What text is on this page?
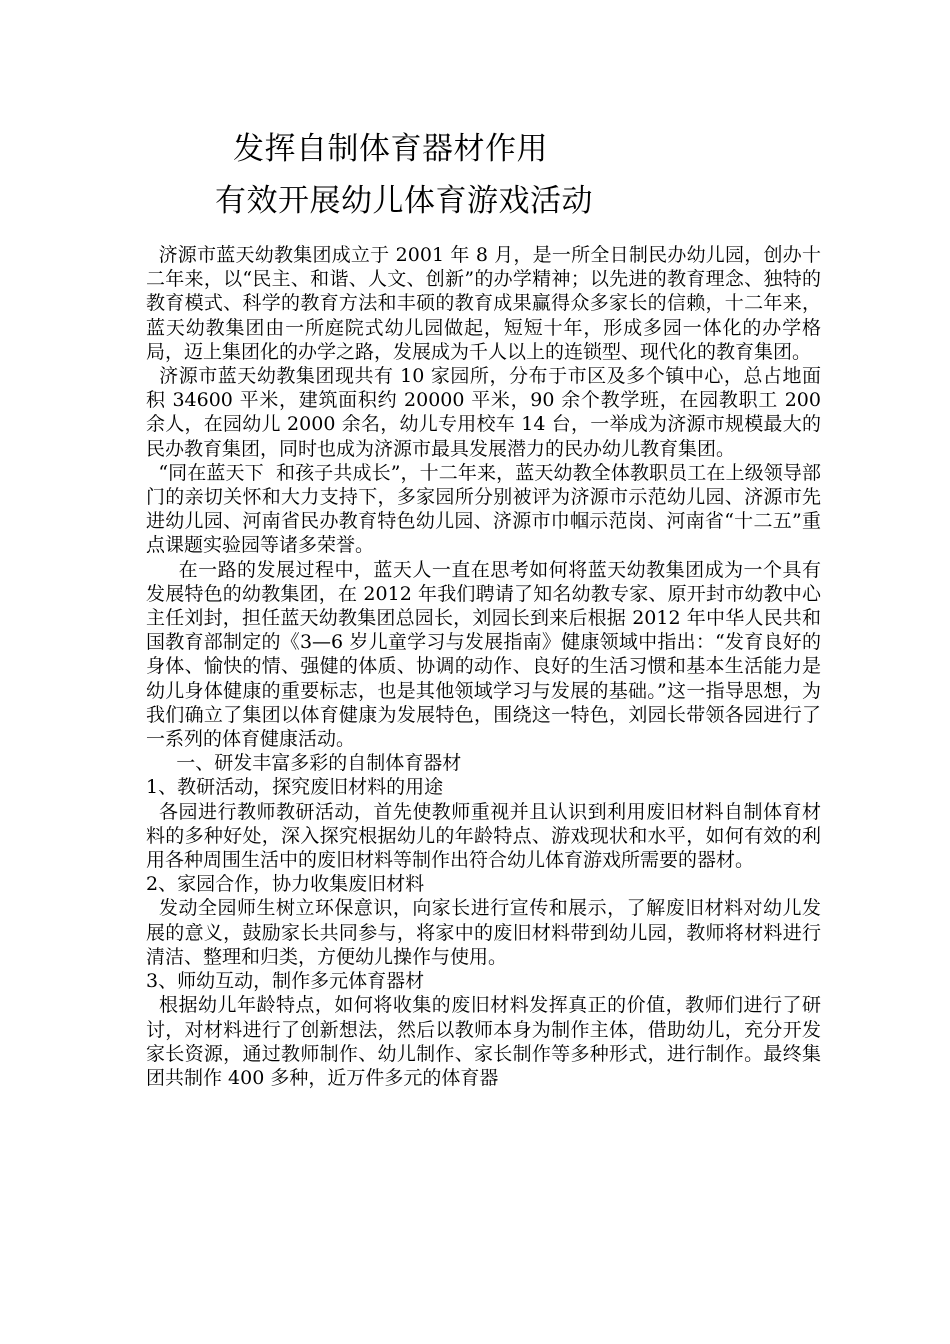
发挥自制体育器材作用
有效开展幼儿体育游戏活动

济源市蓝天幼教集团成立于 2001 年 8 月，是一所全日制民办幼儿园，创办十二年来，以“民主、和谐、人文、创新”的办学精神；以先进的教育理念、独特的教育模式、科学的教育方法和丰硕的教育成果赢得众多家长的信赖，十二年来，蓝天幼教集团由一所庭院式幼儿园做起，短短十年，形成多园一体化的办学格局，迈上集团化的办学之路，发展成为千人以上的连锁型、现代化的教育集团。

济源市蓝天幼教集团现共有 10 家园所，分布于市区及多个镇中心，总占地面积 34600 平米，建筑面积约 20000 平米，90 余个教学班，在园教职工 200 余人，在园幼儿 2000 余名，幼儿专用校车 14 台，一举成为济源市规模最大的民办教育集团，同时也成为济源市最具发展潜力的民办幼儿教育集团。

“同在蓝天下  和孩子共成长”，十二年来，蓝天幼教全体教职员工在上级领导部门的亲切关怀和大力支持下，多家园所分别被评为济源市示范幼儿园、济源市先进幼儿园、河南省民办教育特色幼儿园、济源市巾帼示范岗、河南省“十二五”重点课题实验园等诸多荣誉。

在一路的发展过程中，蓝天人一直在思考如何将蓝天幼教集团成为一个具有发展特色的幼教集团，在 2012 年我们聘请了知名幼教专家、原开封市幼教中心主任刘封，担任蓝天幼教集团总园长，刘园长到来后根据 2012 年中华人民共和国教育部制定的《3—6 岁儿童学习与发展指南》健康领域中指出：“发育良好的身体、愉快的情、强健的体质、协调的动作、良好的生活习惯和基本生活能力是幼儿身体健康的重要标志，也是其他领域学习与发展的基础。”这一指导思想，为我们确立了集团以体育健康为发展特色，围绕这一特色，刘园长带领各园进行了一系列的体育健康活动。

一、研发丰富多彩的自制体育器材

1、教研活动，探究废旧材料的用途

各园进行教师教研活动，首先使教师重视并且认识到利用废旧材料自制体育材料的多种好处，深入探究根据幼儿的年龄特点、游戏现状和水平，如何有效的利用各种周围生活中的废旧材料等制作出符合幼儿体育游戏所需要的器材。

2、家园合作，协力收集废旧材料

发动全园师生树立环保意识，向家长进行宣传和展示，了解废旧材料对幼儿发展的意义，鼓励家长共同参与，将家中的废旧材料带到幼儿园，教师将材料进行清洁、整理和归类，方便幼儿操作与使用。

3、师幼互动，制作多元体育器材

根据幼儿年龄特点，如何将收集的废旧材料发挥真正的价值，教师们进行了研讨，对材料进行了创新想法，然后以教师本身为制作主体，借助幼儿，充分开发家长资源，通过教师制作、幼儿制作、家长制作等多种形式，进行制作。最终集团共制作 400 多种，近万件多元的体育器
